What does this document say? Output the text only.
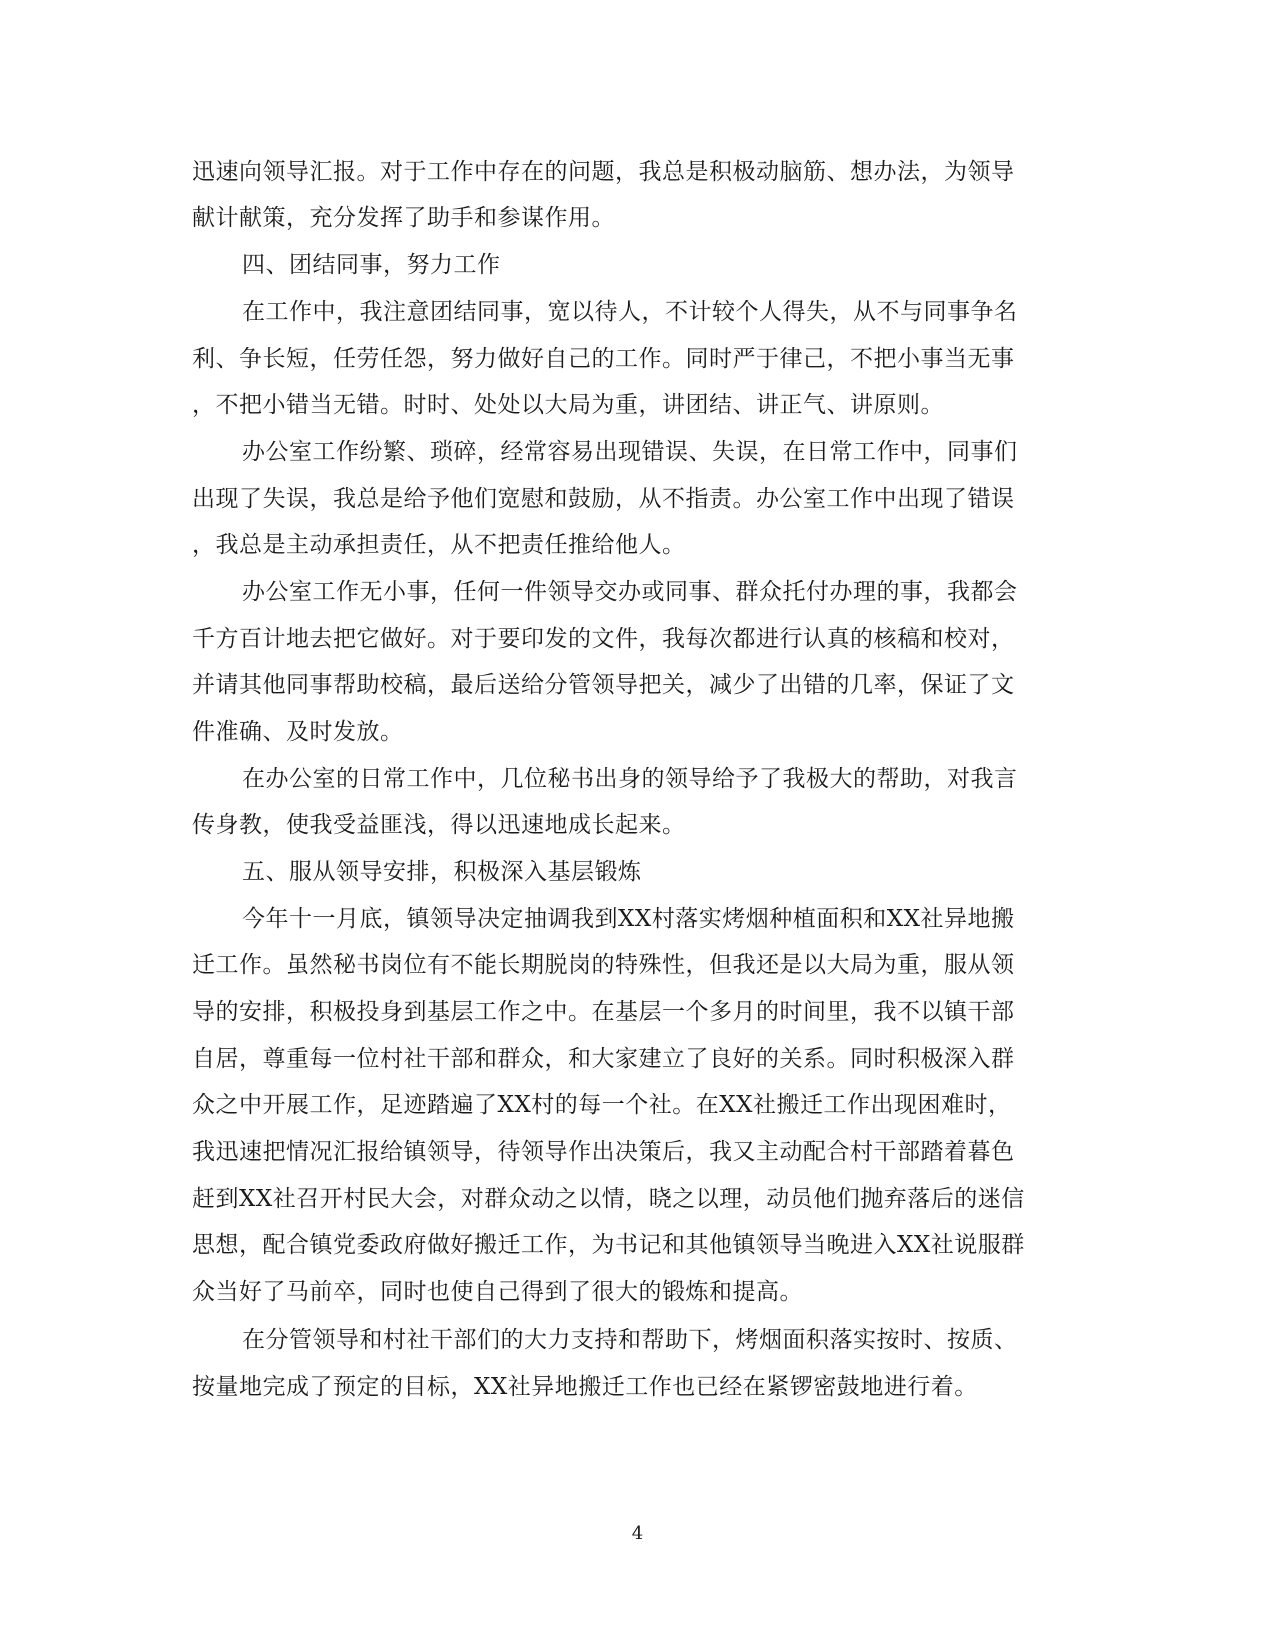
迅速向领导汇报。对于工作中存在的问题，我总是积极动脑筋、想办法，为领导
献计献策，充分发挥了助手和参谋作用。
四、团结同事，努力工作
在工作中，我注意团结同事，宽以待人，不计较个人得失，从不与同事争名
利、争长短，任劳任怨，努力做好自己的工作。同时严于律己，不把小事当无事
，不把小错当无错。时时、处处以大局为重，讲团结、讲正气、讲原则。
办公室工作纷繁、琐碎，经常容易出现错误、失误，在日常工作中，同事们
出现了失误，我总是给予他们宽慰和鼓励，从不指责。办公室工作中出现了错误
，我总是主动承担责任，从不把责任推给他人。
办公室工作无小事，任何一件领导交办或同事、群众托付办理的事，我都会
千方百计地去把它做好。对于要印发的文件，我每次都进行认真的核稿和校对，
并请其他同事帮助校稿，最后送给分管领导把关，减少了出错的几率，保证了文
件准确、及时发放。
在办公室的日常工作中，几位秘书出身的领导给予了我极大的帮助，对我言
传身教，使我受益匪浅，得以迅速地成长起来。
五、服从领导安排，积极深入基层锻炼
今年十一月底，镇领导决定抽调我到XX村落实烤烟种植面积和XX社异地搬
迁工作。虽然秘书岗位有不能长期脱岗的特殊性，但我还是以大局为重，服从领
导的安排，积极投身到基层工作之中。在基层一个多月的时间里，我不以镇干部
自居，尊重每一位村社干部和群众，和大家建立了良好的关系。同时积极深入群
众之中开展工作，足迹踏遍了XX村的每一个社。在XX社搬迁工作出现困难时，
我迅速把情况汇报给镇领导，待领导作出决策后，我又主动配合村干部踏着暮色
赶到XX社召开村民大会，对群众动之以情，晓之以理，动员他们抛弃落后的迷信
思想，配合镇党委政府做好搬迁工作，为书记和其他镇领导当晚进入XX社说服群
众当好了马前卒，同时也使自己得到了很大的锻炼和提高。
在分管领导和村社干部们的大力支持和帮助下，烤烟面积落实按时、按质、
按量地完成了预定的目标，XX社异地搬迁工作也已经在紧锣密鼓地进行着。
4
